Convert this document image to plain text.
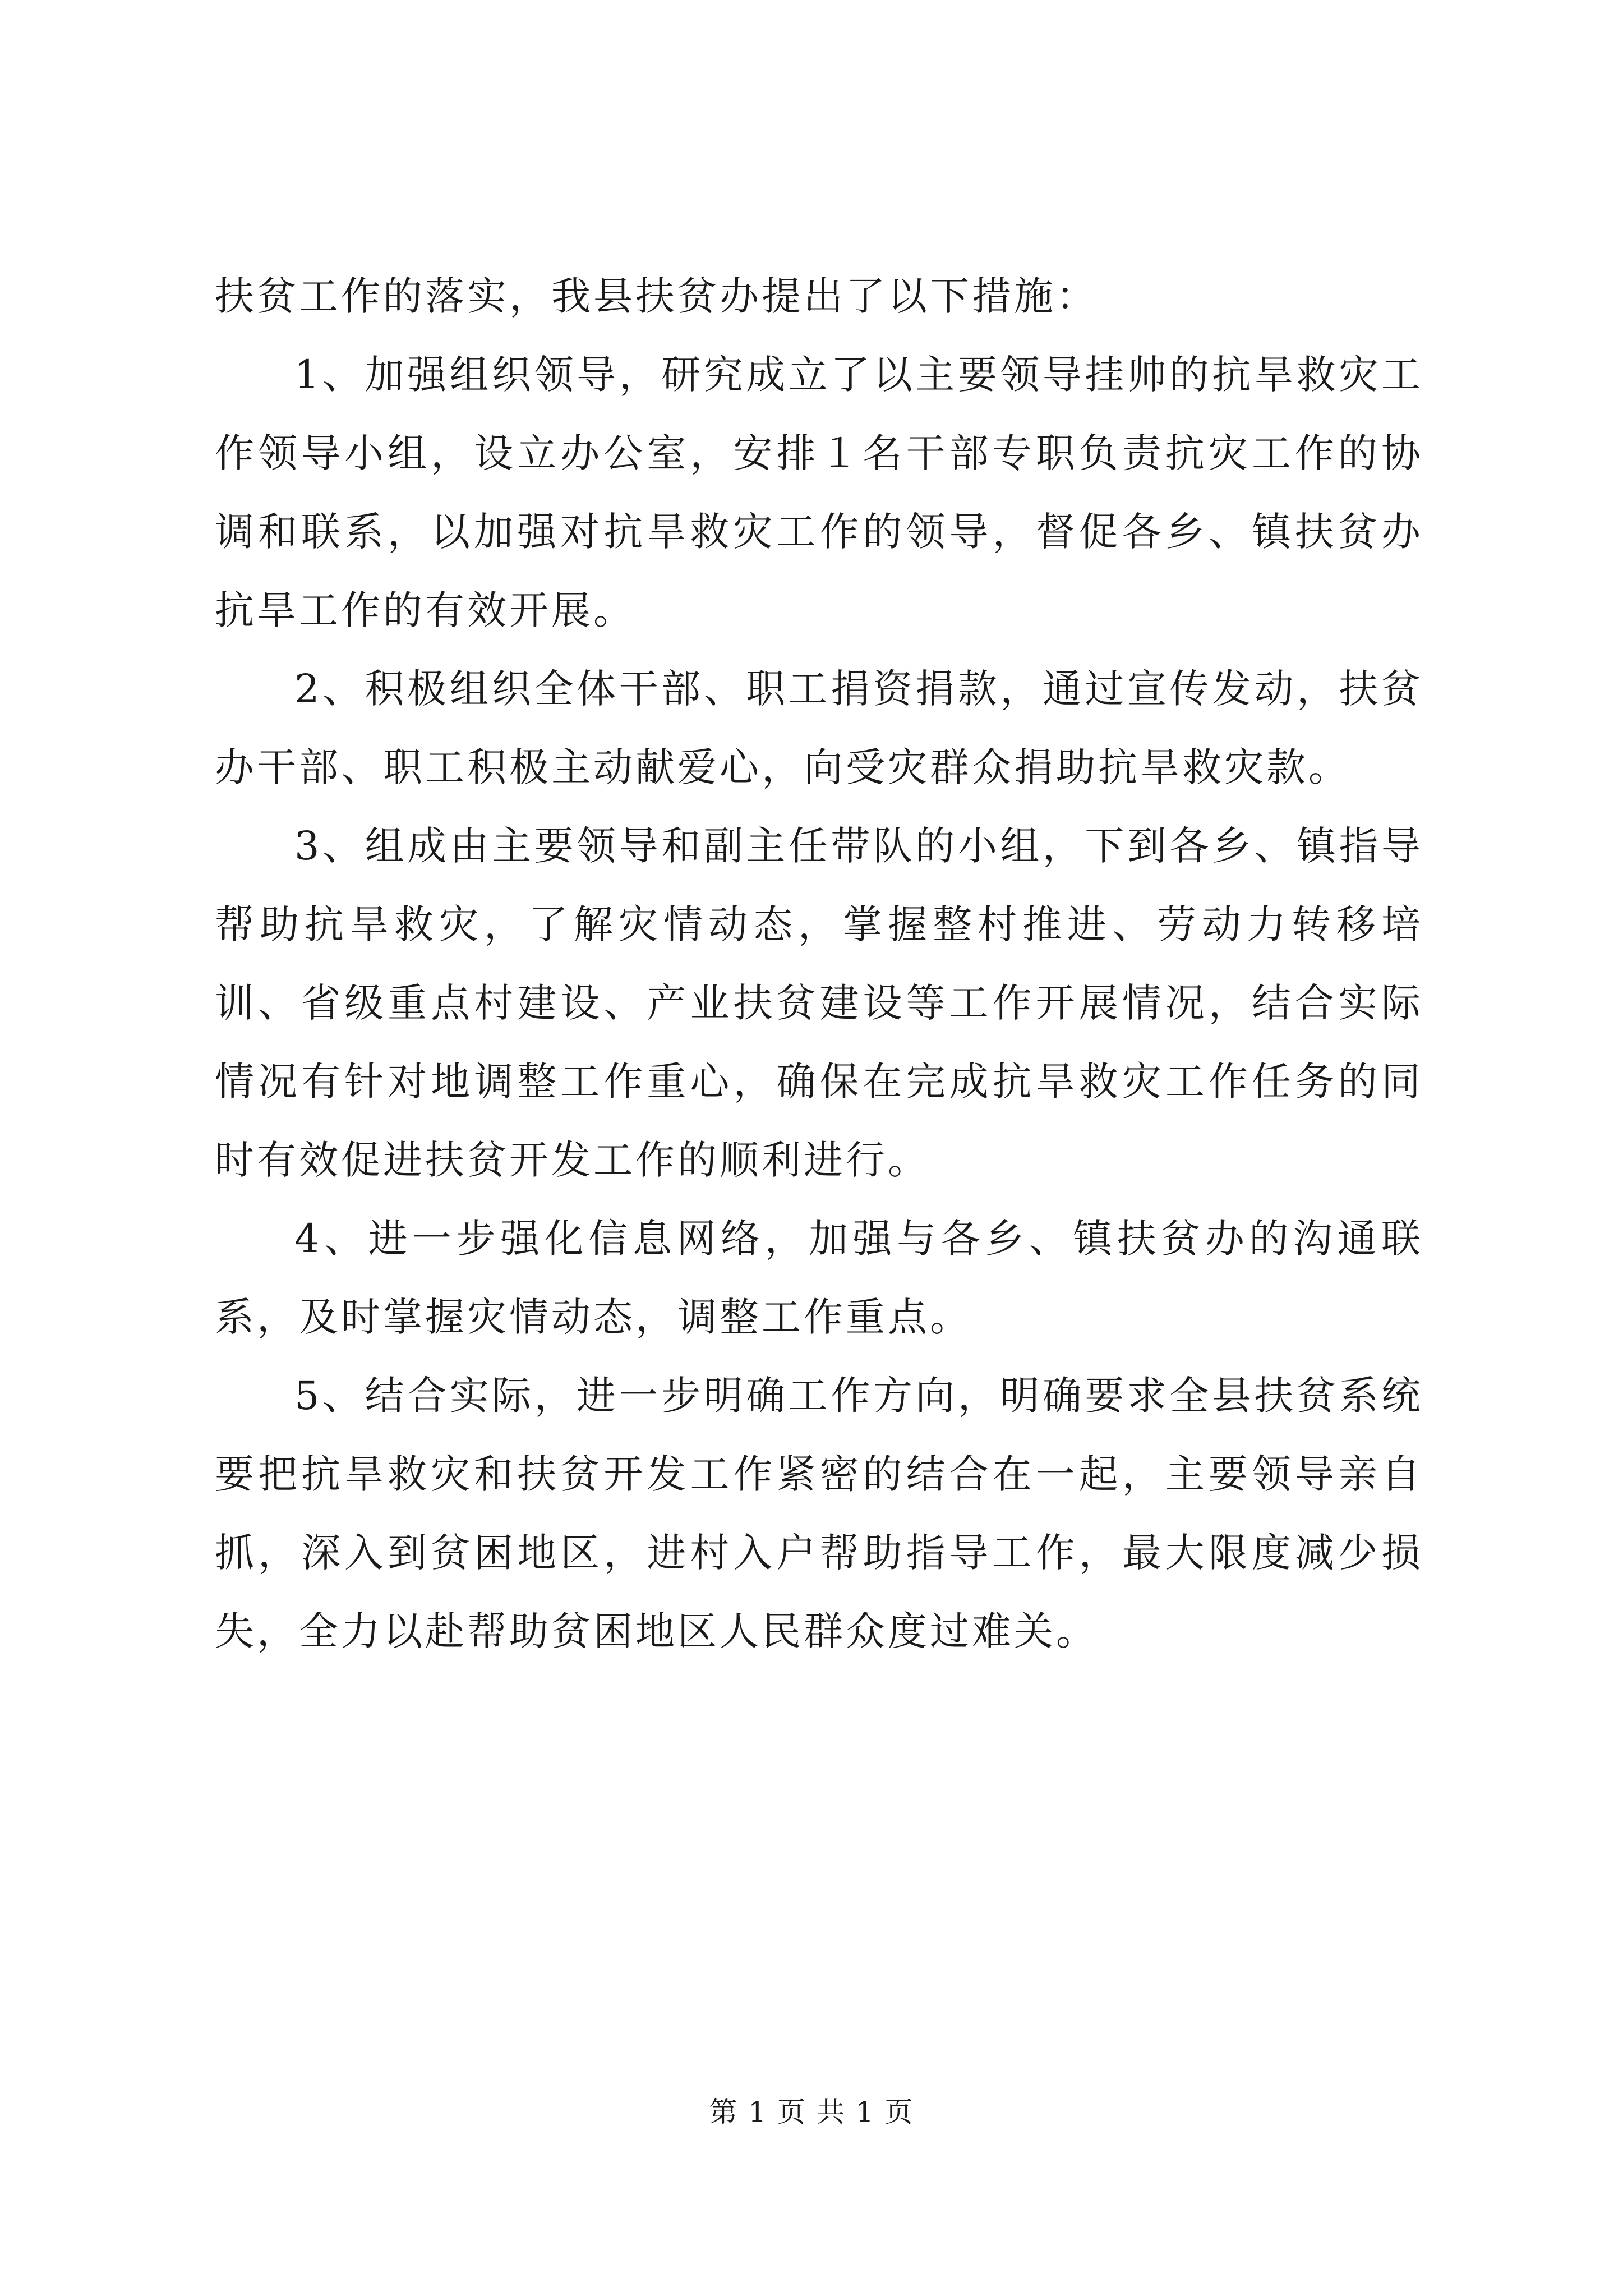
扶贫工作的落实，我县扶贫办提出了以下措施：

1、加强组织领导，研究成立了以主要领导挂帅的抗旱救灾工作领导小组，设立办公室，安排１名干部专职负责抗灾工作的协调和联系，以加强对抗旱救灾工作的领导，督促各乡、镇扶贫办抗旱工作的有效开展。

2、积极组织全体干部、职工捐资捐款，通过宣传发动，扶贫办干部、职工积极主动献爱心，向受灾群众捐助抗旱救灾款。

3、组成由主要领导和副主任带队的小组，下到各乡、镇指导帮助抗旱救灾，了解灾情动态，掌握整村推进、劳动力转移培训、省级重点村建设、产业扶贫建设等工作开展情况，结合实际情况有针对地调整工作重心，确保在完成抗旱救灾工作任务的同时有效促进扶贫开发工作的顺利进行。

4、进一步强化信息网络，加强与各乡、镇扶贫办的沟通联系，及时掌握灾情动态，调整工作重点。

5、结合实际，进一步明确工作方向，明确要求全县扶贫系统要把抗旱救灾和扶贫开发工作紧密的结合在一起，主要领导亲自抓，深入到贫困地区，进村入户帮助指导工作，最大限度减少损失，全力以赴帮助贫困地区人民群众度过难关。

第 1 页 共 1 页
